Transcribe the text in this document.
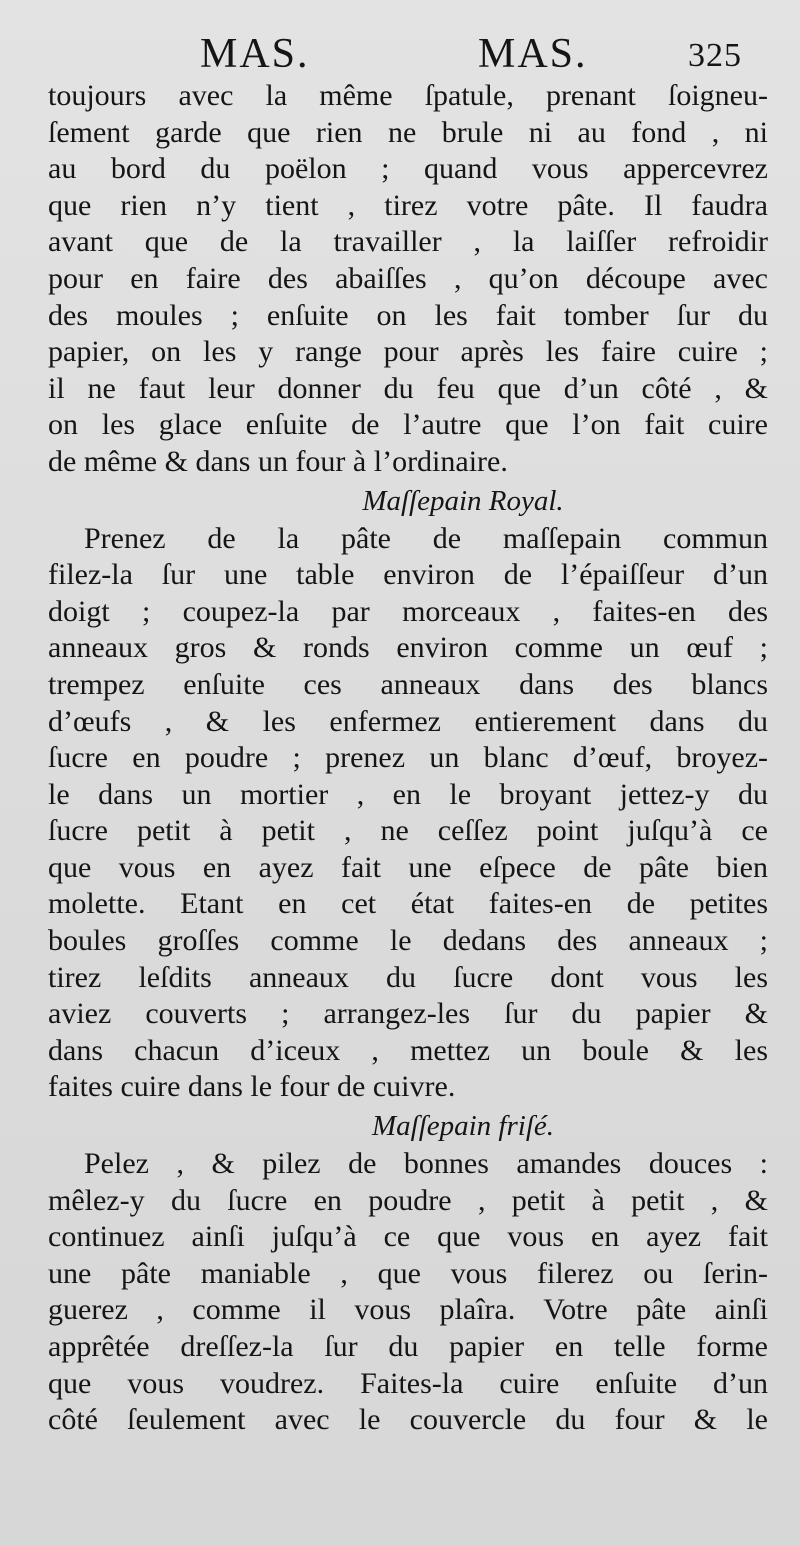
MAS.	MAS.	325
toujours avec la même ſpatule, prenant ſoigneu-
ſement garde que rien ne brule ni au fond , ni
au bord du poëlon ; quand vous appercevrez
que rien n’y tient , tirez votre pâte. Il faudra
avant que de la travailler , la laiſſer refroidir
pour en faire des abaiſſes , qu’on découpe avec
des moules ; enſuite on les fait tomber ſur du
papier, on les y range pour après les faire cuire ;
il ne faut leur donner du feu que d’un côté , &
on les glace enſuite de l’autre que l’on fait cuire
de même & dans un four à l’ordinaire.
Maſſepain Royal.
Prenez de la pâte de maſſepain commun
filez-la ſur une table environ de l’épaiſſeur d’un
doigt ; coupez-la par morceaux , faites-en des
anneaux gros & ronds environ comme un œuf ;
trempez enſuite ces anneaux dans des blancs
d’œufs , & les enfermez entierement dans du
ſucre en poudre ; prenez un blanc d’œuf, broyez-
le dans un mortier , en le broyant jettez-y du
ſucre petit à petit , ne ceſſez point juſqu’à ce
que vous en ayez fait une eſpece de pâte bien
molette. Etant en cet état faites-en de petites
boules groſſes comme le dedans des anneaux ;
tirez leſdits anneaux du ſucre dont vous les
aviez couverts ; arrangez-les ſur du papier &
dans chacun d’iceux , mettez un boule & les
faites cuire dans le four de cuivre.
Maſſepain friſé.
Pelez , & pilez de bonnes amandes douces :
mêlez-y du ſucre en poudre , petit à petit , &
continuez ainſi juſqu’à ce que vous en ayez fait
une pâte maniable , que vous filerez ou ſerin-
guerez , comme il vous plaîra. Votre pâte ainſi
apprêtée dreſſez-la ſur du papier en telle forme
que vous voudrez. Faites-la cuire enſuite d’un
côté ſeulement avec le couvercle du four & le
